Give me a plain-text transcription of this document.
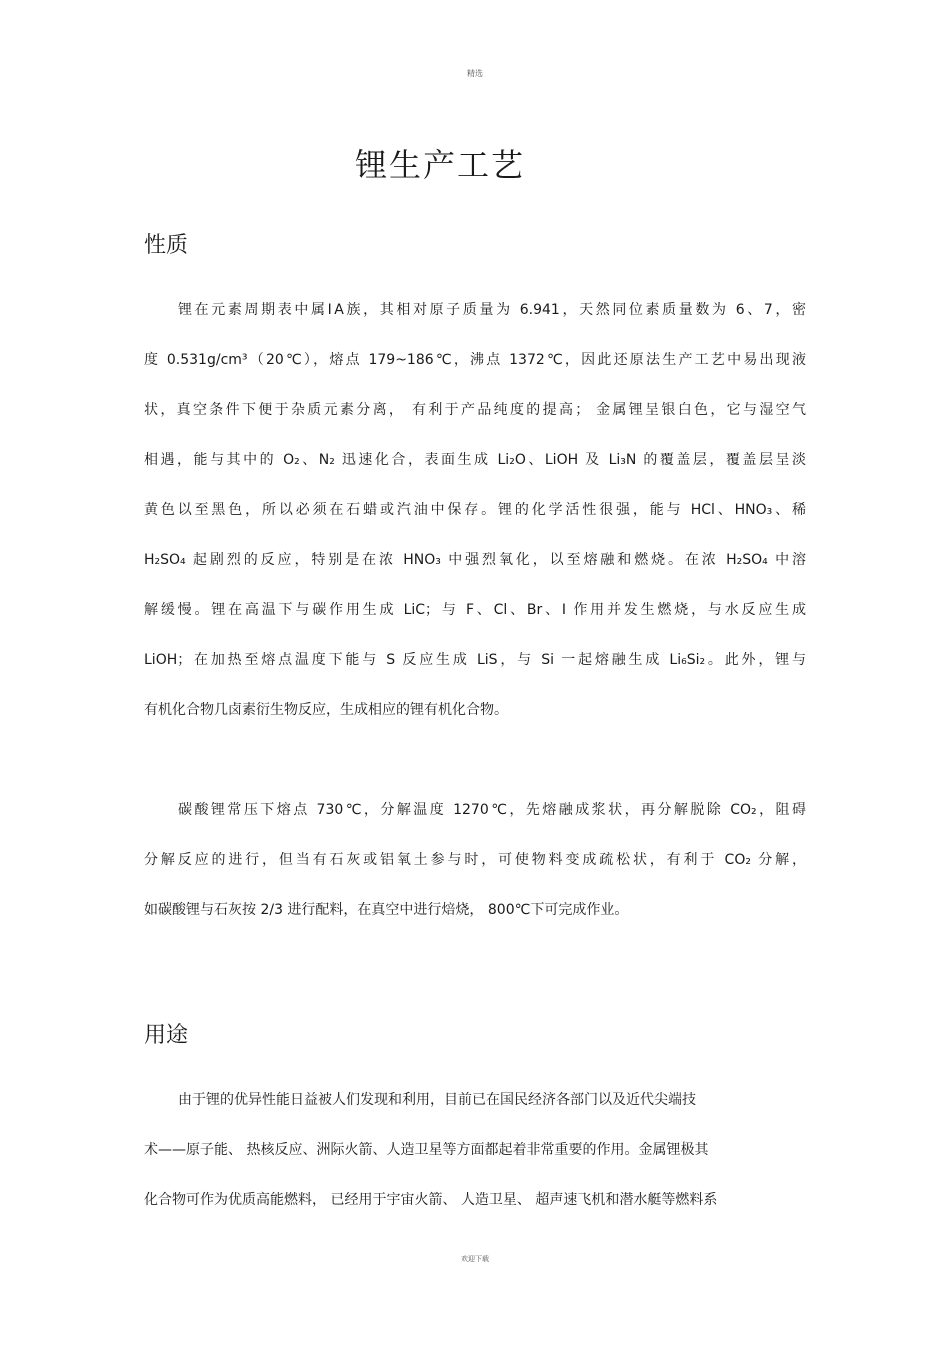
精选
锂生产工艺
性质
锂在元素周期表中属ⅠA族，其相对原子质量为 6.941，天然同位素质量数为 6、7，密
度 0.531g/cm³（20℃），熔点 179~186℃，沸点 1372℃，因此还原法生产工艺中易出现液
状，真空条件下便于杂质元素分离， 有利于产品纯度的提高； 金属锂呈银白色，它与湿空气
相遇，能与其中的 O₂、N₂ 迅速化合，表面生成 Li₂O、LiOH 及 Li₃N 的覆盖层，覆盖层呈淡
黄色以至黑色，所以必须在石蜡或汽油中保存。锂的化学活性很强，能与 HCl、HNO₃、稀
H₂SO₄ 起剧烈的反应，特别是在浓 HNO₃ 中强烈氧化，以至熔融和燃烧。在浓 H₂SO₄ 中溶
解缓慢。锂在高温下与碳作用生成 LiC；与 F、Cl、Br、I 作用并发生燃烧，与水反应生成
LiOH；在加热至熔点温度下能与 S 反应生成 LiS，与 Si 一起熔融生成 Li₆Si₂。此外，锂与
有机化合物几卤素衍生物反应，生成相应的锂有机化合物。
碳酸锂常压下熔点 730℃，分解温度 1270℃，先熔融成浆状，再分解脱除 CO₂，阻碍
分解反应的进行，但当有石灰或铝氧土参与时，可使物料变成疏松状，有利于 CO₂ 分解，
如碳酸锂与石灰按 2/3 进行配料，在真空中进行焙烧， 800℃下可完成作业。
用途
由于锂的优异性能日益被人们发现和利用，目前已在国民经济各部门以及近代尖端技
术——原子能、 热核反应、洲际火箭、人造卫星等方面都起着非常重要的作用。金属锂极其
化合物可作为优质高能燃料， 已经用于宇宙火箭、 人造卫星、 超声速飞机和潜水艇等燃料系
欢迎下载
